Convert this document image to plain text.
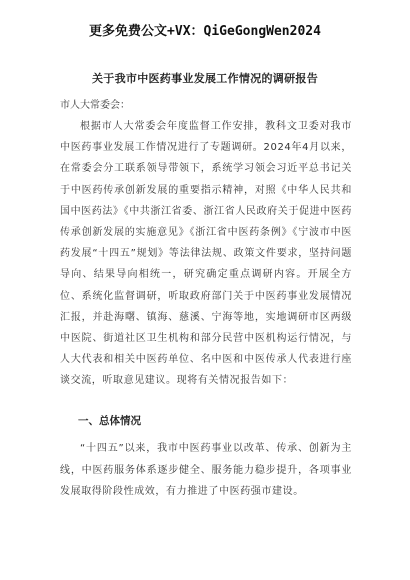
更多免费公文+VX：QiGeGongWen2024
关于我市中医药事业发展工作情况的调研报告
市人大常委会：

根据市人大常委会年度监督工作安排，教科文卫委对我市中医药事业发展工作情况进行了专题调研。2024年4月以来，在常委会分工联系领导带领下，系统学习领会习近平总书记关于中医药传承创新发展的重要指示精神，对照《中华人民共和国中医药法》《中共浙江省委、浙江省人民政府关于促进中医药传承创新发展的实施意见》《浙江省中医药条例》《宁波市中医药发展“十四五”规划》等法律法规、政策文件要求，坚持问题导向、结果导向相统一，研究确定重点调研内容。开展全方位、系统化监督调研，听取政府部门关于中医药事业发展情况汇报，并赴海曙、镇海、慈溪、宁海等地，实地调研市区两级中医院、街道社区卫生机构和部分民营中医机构运行情况，与人大代表和相关中医药单位、名中医和中医传承人代表进行座谈交流，听取意见建议。现将有关情况报告如下：

一、总体情况

“十四五”以来，我市中医药事业以改革、传承、创新为主线，中医药服务体系逐步健全、服务能力稳步提升，各项事业发展取得阶段性成效，有力推进了中医药强市建设。
